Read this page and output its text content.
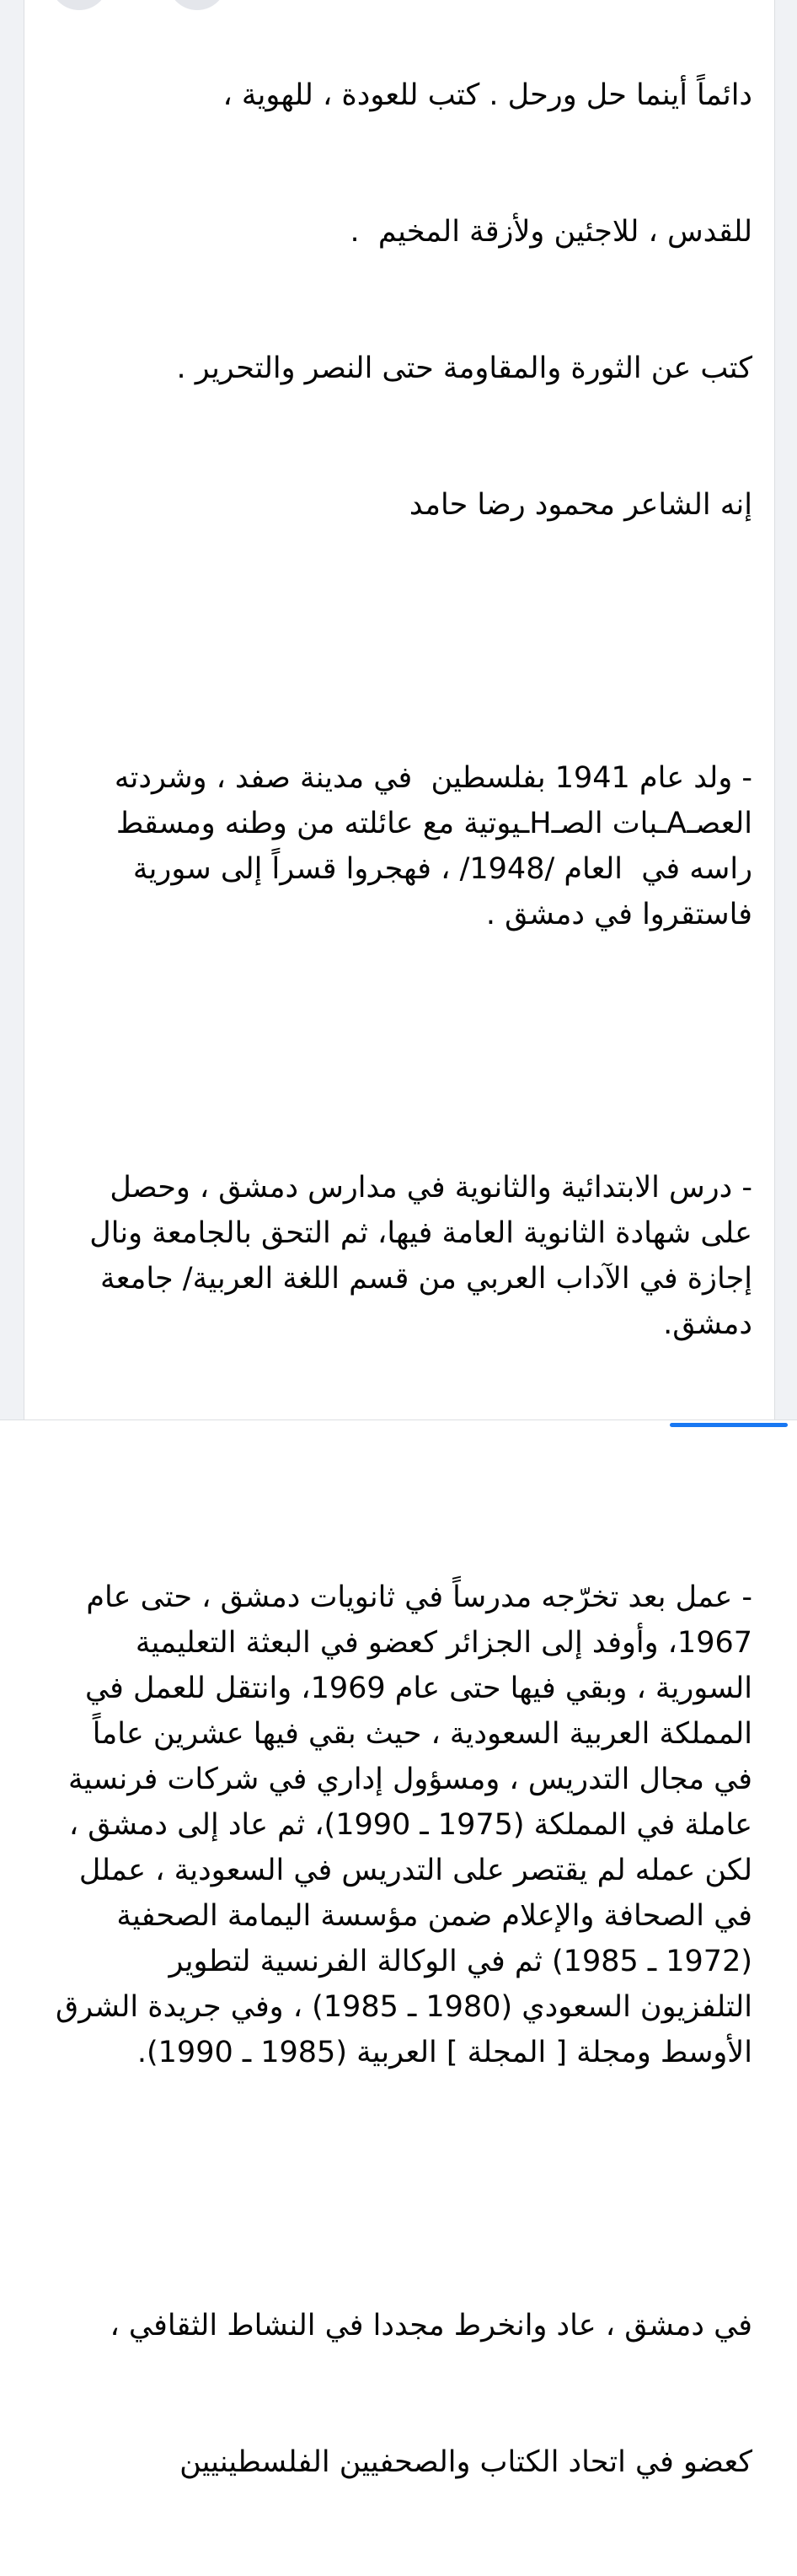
دائماً أينما حل ورحل . كتب للعودة ، للهوية ،

للقدس ، للاجئين ولأزقة المخيم  .

كتب عن الثورة والمقاومة حتى النصر والتحرير .

إنه الشاعر محمود رضا حامد

- ولد عام 1941 بفلسطين  في مدينة صفد ، وشردته العصـAـبات الصـHـيوتية مع عائلته من وطنه ومسقط راسه في  العام /1948/ ، فهجروا قسراً إلى سورية فاستقروا في دمشق .

- درس الابتدائية والثانوية في مدارس دمشق ، وحصل على شهادة الثانوية العامة فيها، ثم التحق بالجامعة ونال إجازة في الآداب العربي من قسم اللغة العربية/ جامعة دمشق.

- عمل بعد تخرّجه مدرساً في ثانويات دمشق ، حتى عام 1967، وأوفد إلى الجزائر كعضو في البعثة التعليمية السورية ، وبقي فيها حتى عام 1969، وانتقل للعمل في المملكة العربية السعودية ، حيث بقي فيها عشرين عاماً في مجال التدريس ، ومسؤول إداري في شركات فرنسية عاملة في المملكة (1975 ـ 1990)، ثم عاد إلى دمشق ، لكن عمله لم يقتصر على التدريس في السعودية ، عملل في الصحافة والإعلام ضمن مؤسسة اليمامة الصحفية (1972 ـ 1985) ثم في الوكالة الفرنسية لتطوير التلفزيون السعودي (1980 ـ 1985) ، وفي جريدة الشرق الأوسط ومجلة [ المجلة ] العربية (1985 ـ 1990).

في دمشق ، عاد وانخرط مجددا في النشاط الثقافي ،

كعضو في اتحاد الكتاب والصحفيين الفلسطينيين
